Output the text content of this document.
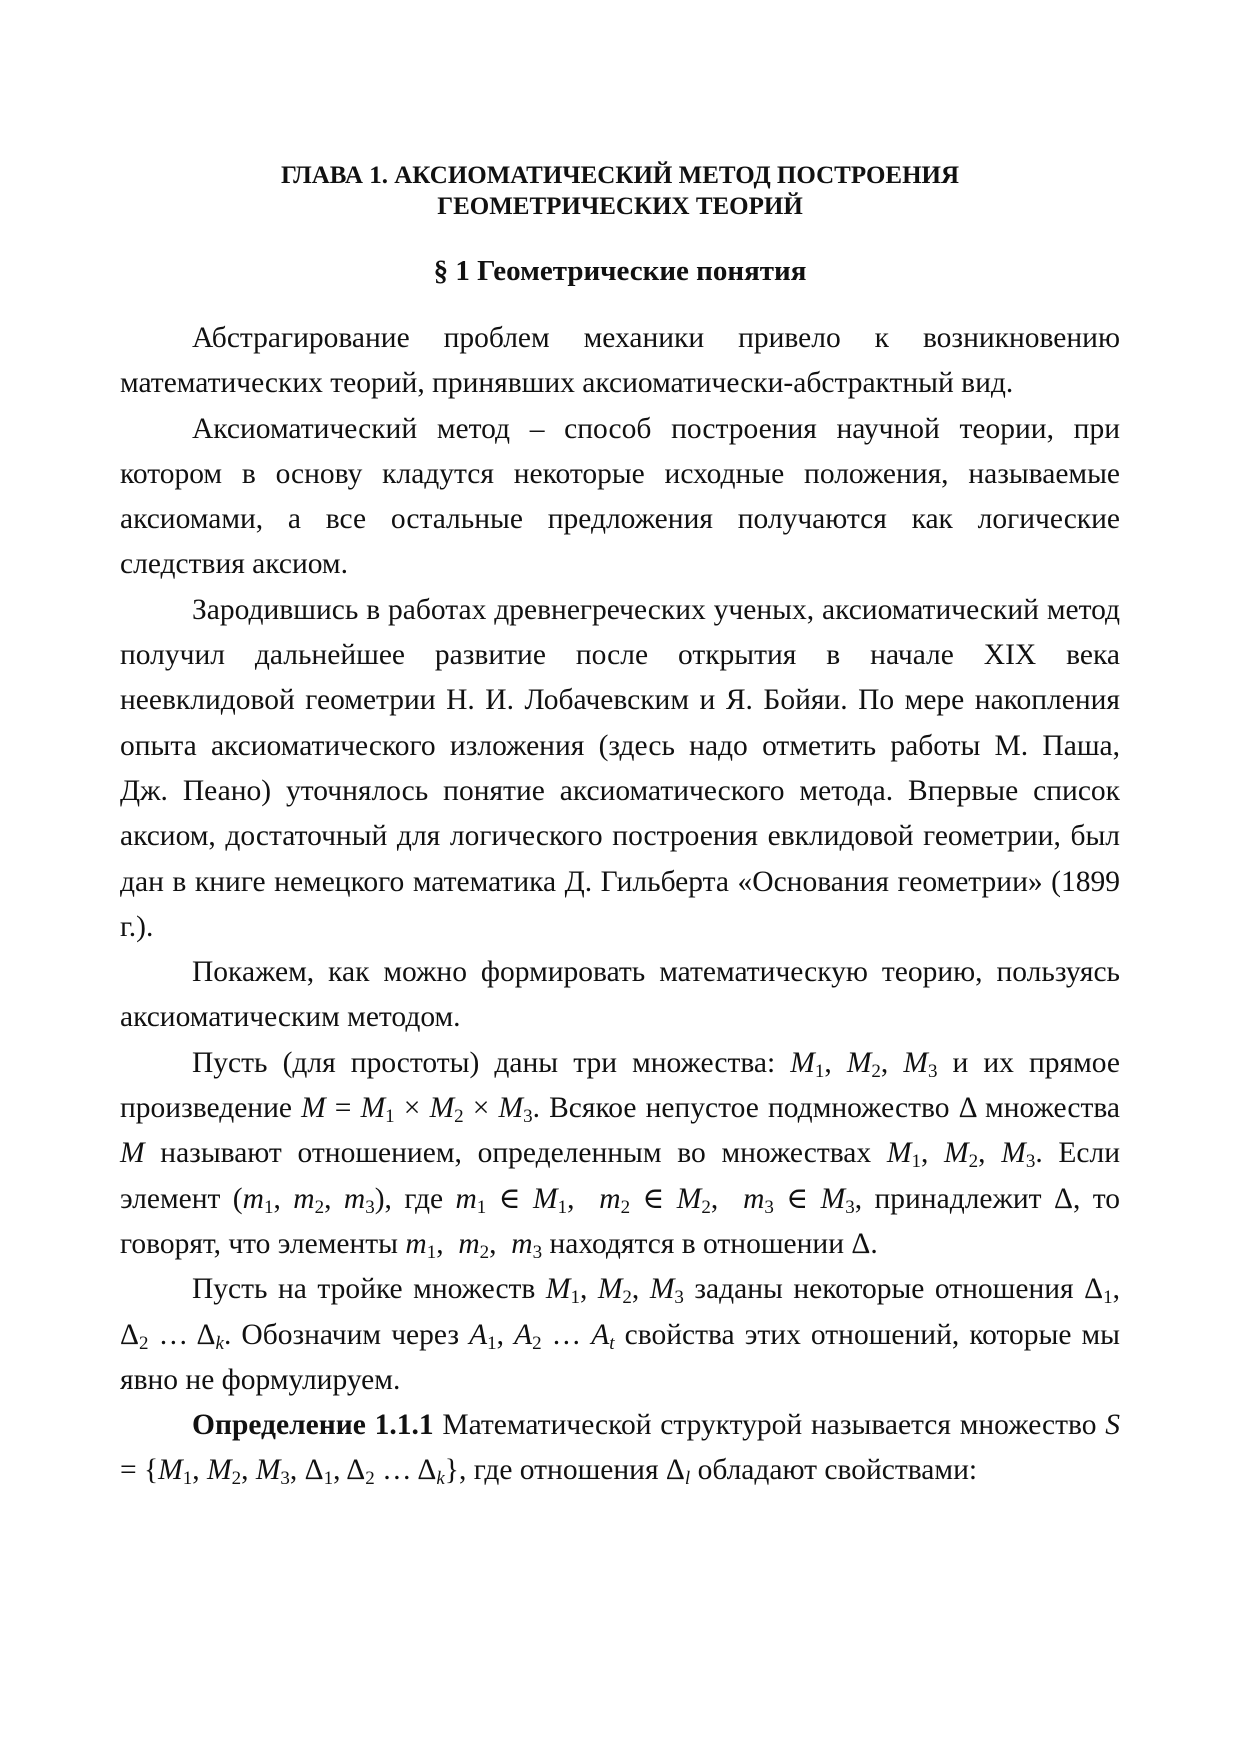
ГЛАВА 1. АКСИОМАТИЧЕСКИЙ МЕТОД ПОСТРОЕНИЯ
ГЕОМЕТРИЧЕСКИХ ТЕОРИЙ
§ 1 Геометрические понятия

Абстрагирование проблем механики привело к возникновению математических теорий, принявших аксиоматически-абстрактный вид.

Аксиоматический метод – способ построения научной теории, при котором в основу кладутся некоторые исходные положения, называемые аксиомами, а все остальные предложения получаются как логические следствия аксиом.

Зародившись в работах древнегреческих ученых, аксиоматический метод получил дальнейшее развитие после открытия в начале XIX века неевклидовой геометрии Н. И. Лобачевским и Я. Бойяи. По мере накопления опыта аксиоматического изложения (здесь надо отметить работы М. Паша, Дж. Пеано) уточнялось понятие аксиоматического метода. Впервые список аксиом, достаточный для логического построения евклидовой геометрии, был дан в книге немецкого математика Д. Гильберта «Основания геометрии» (1899 г.).

Покажем, как можно формировать математическую теорию, пользуясь аксиоматическим методом.

Пусть (для простоты) даны три множества: $M_1$, $M_2$, $M_3$ и их прямое произведение $M = M_1 \times M_2 \times M_3$. Всякое непустое подмножество Δ множества M называют отношением, определенным во множествах $M_1$, $M_2$, $M_3$. Если элемент ($m_1$, $m_2$, $m_3$), где $m_1$ ∈ $M_1$,  $m_2$ ∈ $M_2$,  $m_3$ ∈ $M_3$, принадлежит Δ, то говорят, что элементы $m_1$,  $m_2$,  $m_3$ находятся в отношении Δ.

Пусть на тройке множеств $M_1$, $M_2$, $M_3$ заданы некоторые отношения $\Delta_1$, $\Delta_2$ … $\Delta_k$. Обозначим через $A_1$, $A_2$ … $A_t$ свойства этих отношений, которые мы явно не формулируем.

Определение 1.1.1 Математической структурой называется множество $S = \{M_1$, $M_2$, $M_3$, $\Delta_1$, $\Delta_2$ … $\Delta_k$}, где отношения $\Delta_l$ обладают свойствами:
